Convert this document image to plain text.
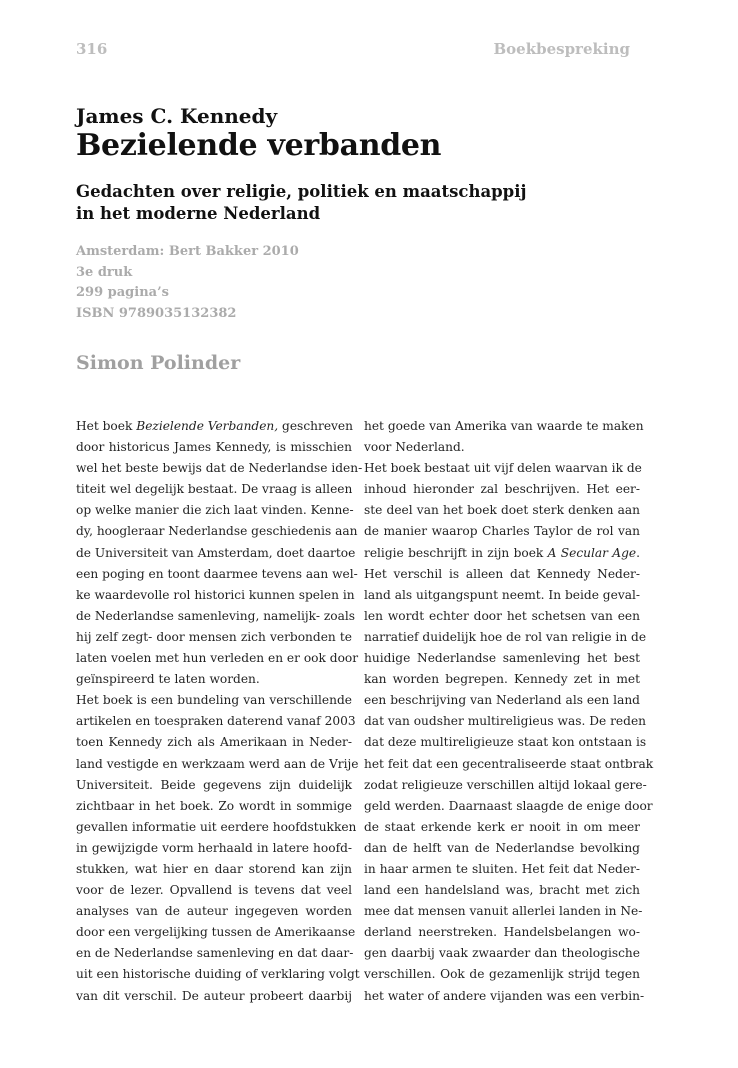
316	Boekbespreking
James C. Kennedy
Bezielende verbanden
Gedachten over religie, politiek en maatschappij
in het moderne Nederland
Amsterdam: Bert Bakker 2010
3e druk
299 pagina’s
ISBN 9789035132382
Simon Polinder
Het boek Bezielende Verbanden, geschreven
door historicus James Kennedy, is misschien
wel het beste bewijs dat de Nederlandse iden-
titeit wel degelijk bestaat. De vraag is alleen
op welke manier die zich laat vinden. Kenne-
dy, hoogleraar Nederlandse geschiedenis aan
de Universiteit van Amsterdam, doet daartoe
een poging en toont daarmee tevens aan wel-
ke waardevolle rol historici kunnen spelen in
de Nederlandse samenleving, namelijk- zoals
hij zelf zegt- door mensen zich verbonden te
laten voelen met hun verleden en er ook door
geïnspireerd te laten worden.
Het boek is een bundeling van verschillende
artikelen en toespraken daterend vanaf 2003
toen Kennedy zich als Amerikaan in Neder-
land vestigde en werkzaam werd aan de Vrije
Universiteit. Beide gegevens zijn duidelijk
zichtbaar in het boek. Zo wordt in sommige
gevallen informatie uit eerdere hoofdstukken
in gewijzigde vorm herhaald in latere hoofd-
stukken, wat hier en daar storend kan zijn
voor de lezer. Opvallend is tevens dat veel
analyses van de auteur ingegeven worden
door een vergelijking tussen de Amerikaanse
en de Nederlandse samenleving en dat daar-
uit een historische duiding of verklaring volgt
van dit verschil. De auteur probeert daarbij
het goede van Amerika van waarde te maken
voor Nederland.
Het boek bestaat uit vijf delen waarvan ik de
inhoud hieronder zal beschrijven. Het eer-
ste deel van het boek doet sterk denken aan
de manier waarop Charles Taylor de rol van
religie beschrijft in zijn boek A Secular Age.
Het verschil is alleen dat Kennedy Neder-
land als uitgangspunt neemt. In beide geval-
len wordt echter door het schetsen van een
narratief duidelijk hoe de rol van religie in de
huidige Nederlandse samenleving het best
kan worden begrepen. Kennedy zet in met
een beschrijving van Nederland als een land
dat van oudsher multireligieus was. De reden
dat deze multireligieuze staat kon ontstaan is
het feit dat een gecentraliseerde staat ontbrak
zodat religieuze verschillen altijd lokaal gere-
geld werden. Daarnaast slaagde de enige door
de staat erkende kerk er nooit in om meer
dan de helft van de Nederlandse bevolking
in haar armen te sluiten. Het feit dat Neder-
land een handelsland was, bracht met zich
mee dat mensen vanuit allerlei landen in Ne-
derland neerstreken. Handelsbelangen wo-
gen daarbij vaak zwaarder dan theologische
verschillen. Ook de gezamenlijk strijd tegen
het water of andere vijanden was een verbin-
